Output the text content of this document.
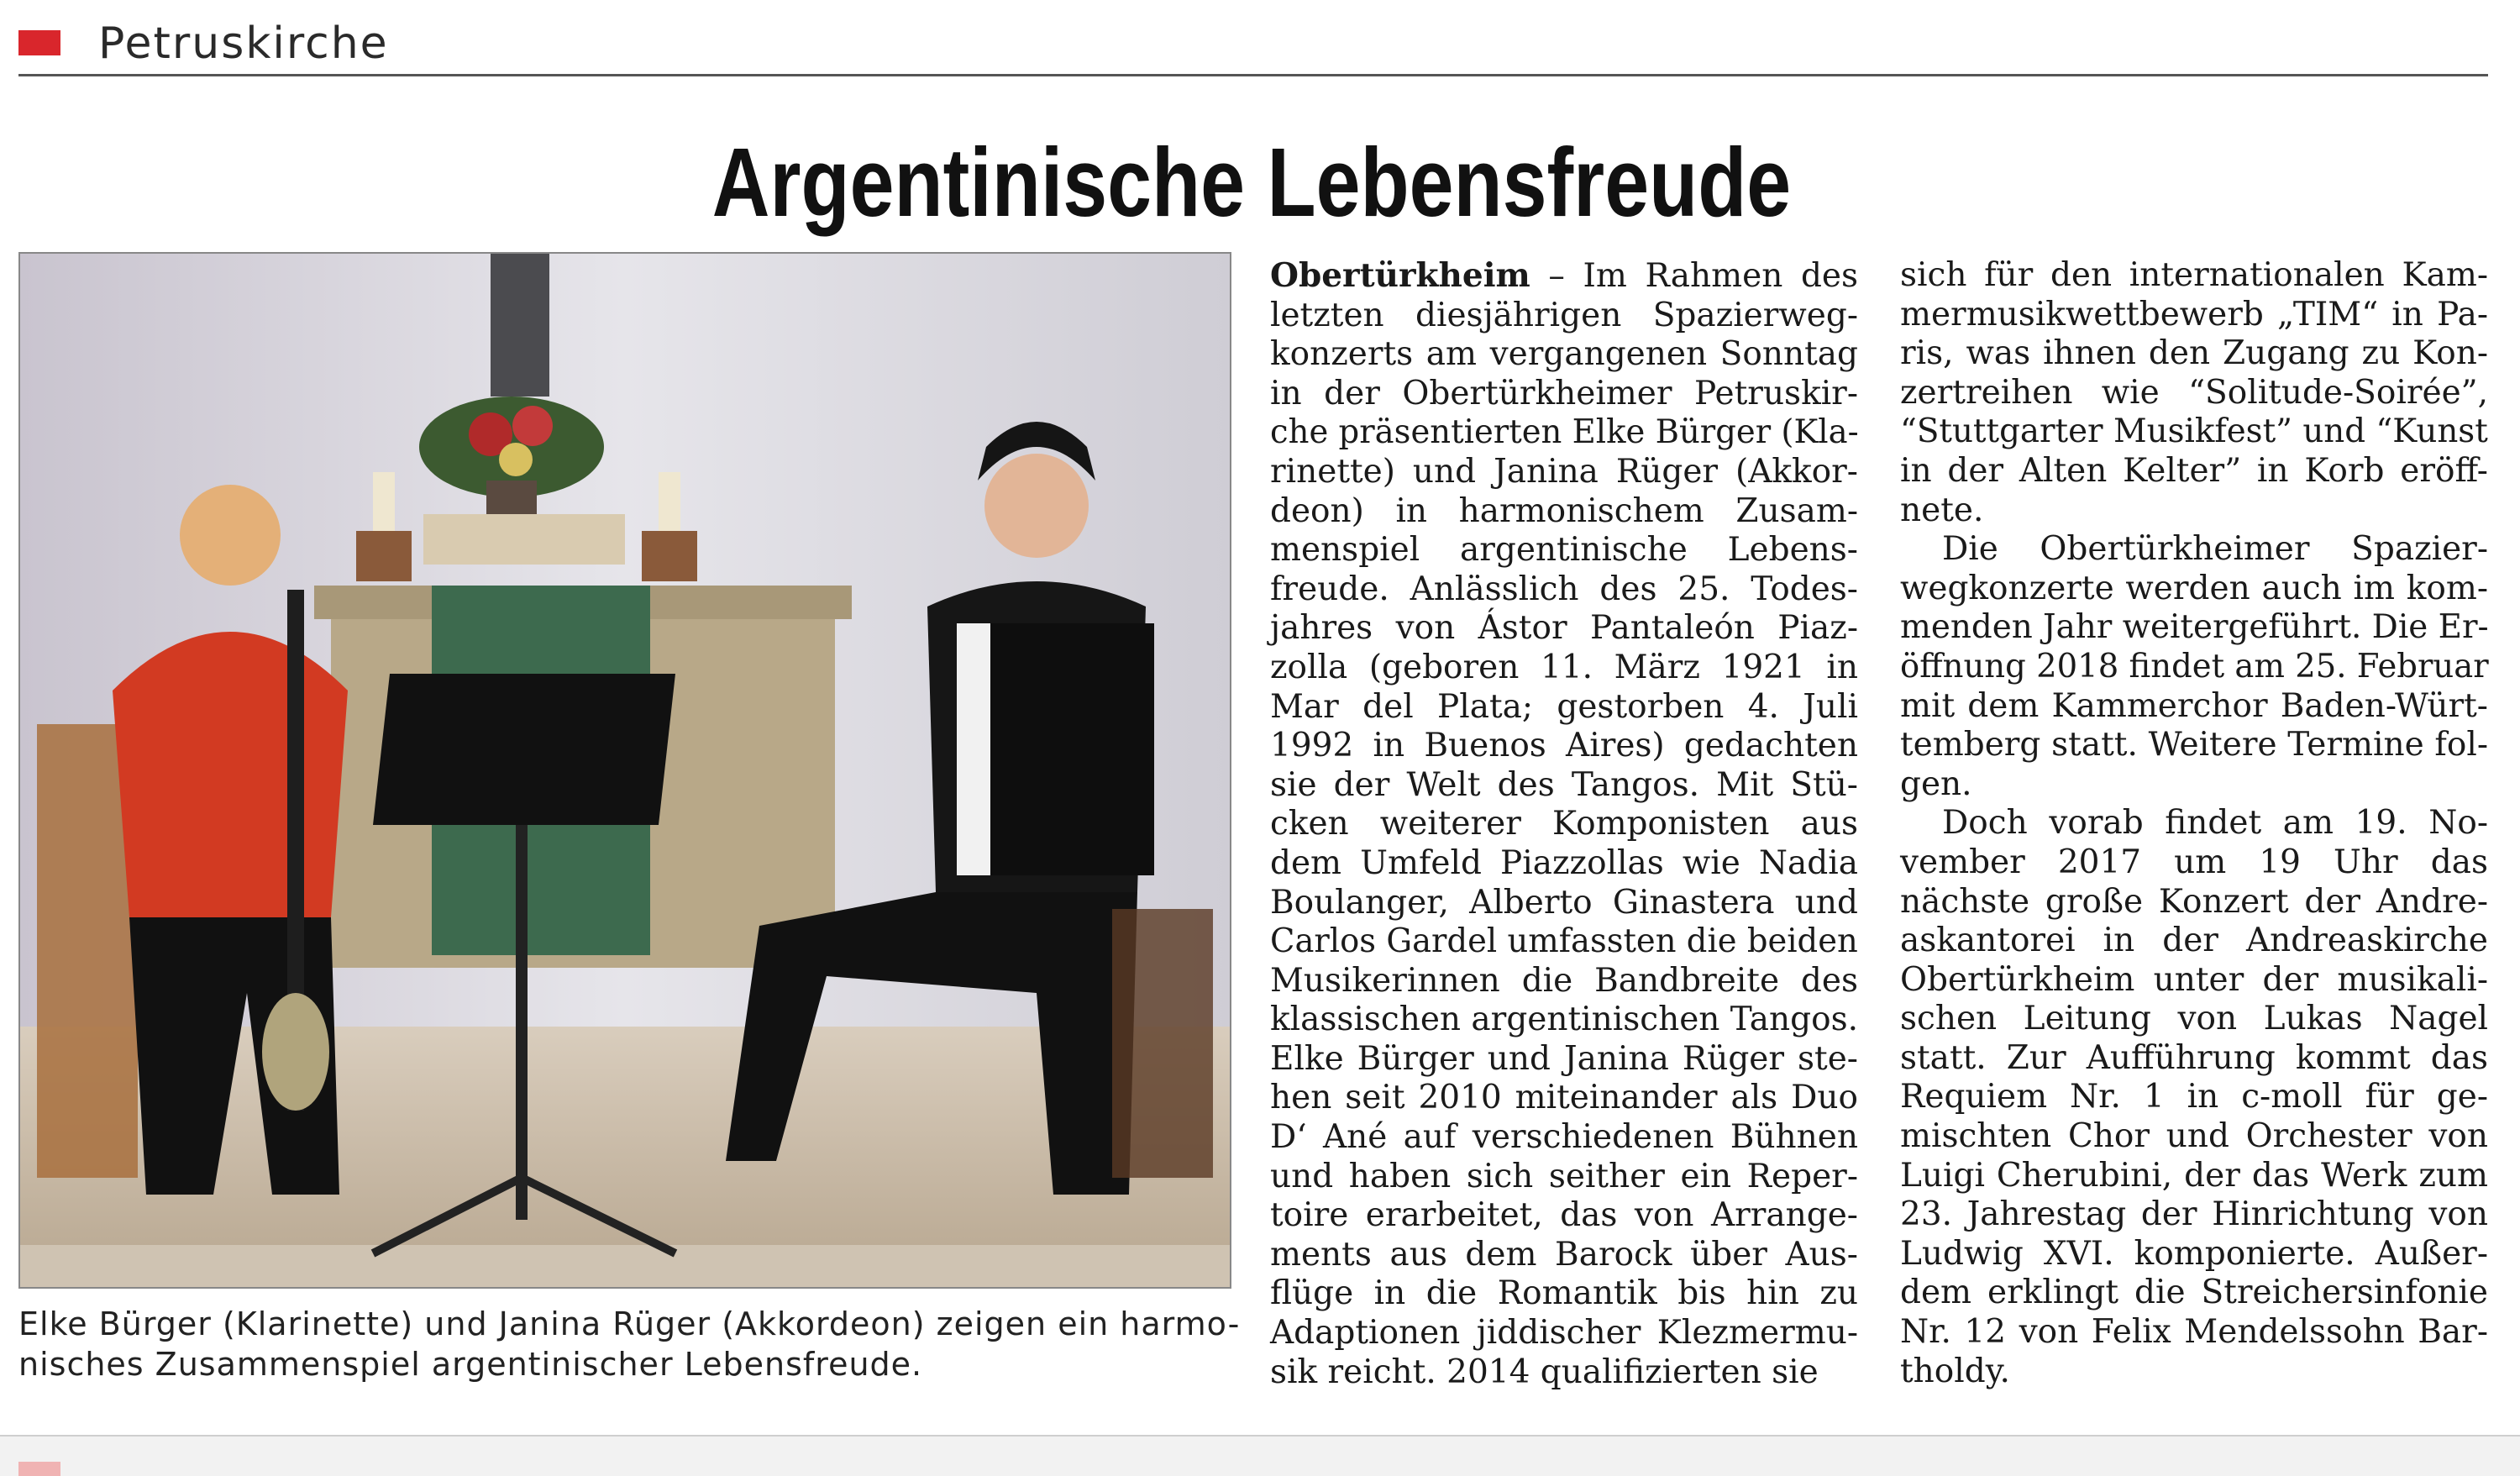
Petruskirche
Argentinische Lebensfreude
Elke Bürger (Klarinette) und Janina Rüger (Akkordeon) zeigen ein harmo-
nisches Zusammenspiel argentinischer Lebensfreude.
Obertürkheim – Im Rahmen des
letzten diesjährigen Spazierweg-
konzerts am vergangenen Sonntag
in der Obertürkheimer Petruskir-
che präsentierten Elke Bürger (Kla-
rinette) und Janina Rüger (Akkor-
deon) in harmonischem Zusam-
menspiel argentinische Lebens-
freude. Anlässlich des 25. Todes-
jahres von Ástor Pantaleón Piaz-
zolla (geboren 11. März 1921 in
Mar del Plata; gestorben 4. Juli
1992 in Buenos Aires) gedachten
sie der Welt des Tangos. Mit Stü-
cken weiterer Komponisten aus
dem Umfeld Piazzollas wie Nadia
Boulanger, Alberto Ginastera und
Carlos Gardel umfassten die beiden
Musikerinnen die Bandbreite des
klassischen argentinischen Tangos.
Elke Bürger und Janina Rüger ste-
hen seit 2010 miteinander als Duo
D‘ Ané auf verschiedenen Bühnen
und haben sich seither ein Reper-
toire erarbeitet, das von Arrange-
ments aus dem Barock über Aus-
flüge in die Romantik bis hin zu
Adaptionen jiddischer Klezmermu-
sik reicht. 2014 qualifizierten sie
sich für den internationalen Kam-
mermusikwettbewerb „TIM“ in Pa-
ris, was ihnen den Zugang zu Kon-
zertreihen wie “Solitude-Soirée”,
“Stuttgarter Musikfest” und “Kunst
in der Alten Kelter” in Korb eröff-
nete.
Die Obertürkheimer Spazier-
wegkonzerte werden auch im kom-
menden Jahr weitergeführt. Die Er-
öffnung 2018 findet am 25. Februar
mit dem Kammerchor Baden-Würt-
temberg statt. Weitere Termine fol-
gen.
Doch vorab findet am 19. No-
vember 2017 um 19 Uhr das
nächste große Konzert der Andre-
askantorei in der Andreaskirche
Obertürkheim unter der musikali-
schen Leitung von Lukas Nagel
statt. Zur Aufführung kommt das
Requiem Nr. 1 in c-moll für ge-
mischten Chor und Orchester von
Luigi Cherubini, der das Werk zum
23. Jahrestag der Hinrichtung von
Ludwig XVI. komponierte. Außer-
dem erklingt die Streichersinfonie
Nr. 12 von Felix Mendelssohn Bar-
tholdy.
